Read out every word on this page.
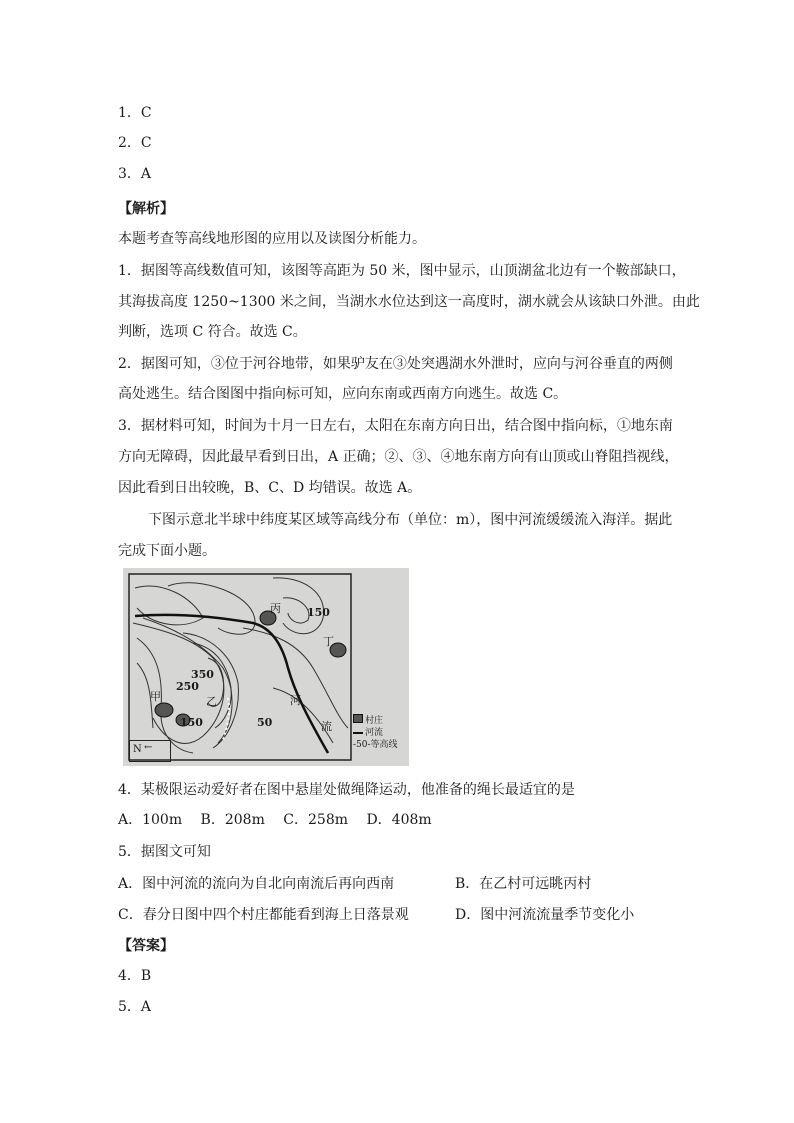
1．C
2．C
3．A
【解析】
本题考查等高线地形图的应用以及读图分析能力。
1．据图等高线数值可知，该图等高距为 50 米，图中显示，山顶湖盆北边有一个鞍部缺口，
其海拔高度 1250~1300 米之间，当湖水水位达到这一高度时，湖水就会从该缺口外泄。由此
判断，选项 C 符合。故选 C。
2．据图可知，③位于河谷地带，如果驴友在③处突遇湖水外泄时，应向与河谷垂直的两侧
高处逃生。结合图图中指向标可知，应向东南或西南方向逃生。故选 C。
3．据材料可知，时间为十月一日左右，太阳在东南方向日出，结合图中指向标，①地东南
方向无障碍，因此最早看到日出，A 正确；②、③、④地东南方向有山顶或山脊阻挡视线，
因此看到日出较晚，B、C、D 均错误。故选 A。
下图示意北半球中纬度某区域等高线分布（单位：m），图中河流缓缓流入海洋。据此
完成下面小题。
丙
丁
甲	乙
150
350
250
150	50
河
流	村庄
河流
-50-等高线
N ←
4．某极限运动爱好者在图中悬崖处做绳降运动，他准备的绳长最适宜的是
A．100m　 B．208m　 C．258m　 D．408m
5．据图文可知
A．图中河流的流向为自北向南流后再向西南	B．在乙村可远眺丙村
C．春分日图中四个村庄都能看到海上日落景观	D．图中河流流量季节变化小
【答案】
4．B
5．A
